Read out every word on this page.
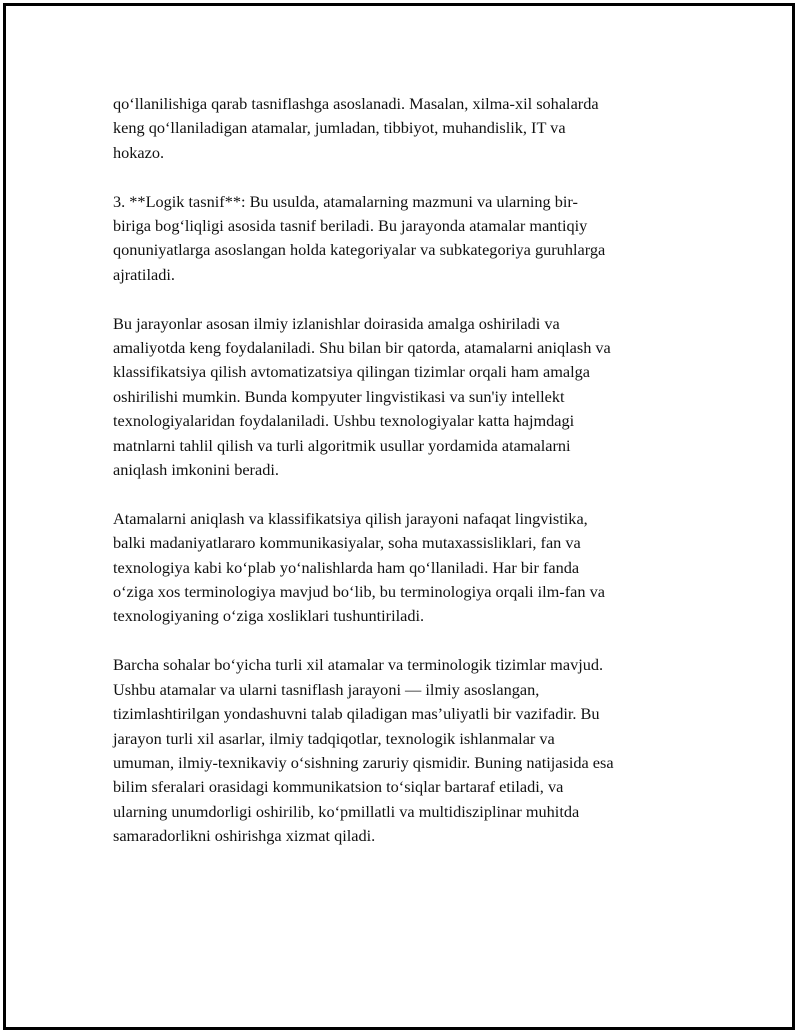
qo‘llanilishiga qarab tasniflashga asoslanadi. Masalan, xilma-xil sohalarda
keng qo‘llaniladigan atamalar, jumladan, tibbiyot, muhandislik, IT va
hokazo.

3. **Logik tasnif**: Bu usulda, atamalarning mazmuni va ularning bir-
biriga bog‘liqligi asosida tasnif beriladi. Bu jarayonda atamalar mantiqiy
qonuniyatlarga asoslangan holda kategoriyalar va subkategoriya guruhlarga
ajratiladi.

Bu jarayonlar asosan ilmiy izlanishlar doirasida amalga oshiriladi va
amaliyotda keng foydalaniladi. Shu bilan bir qatorda, atamalarni aniqlash va
klassifikatsiya qilish avtomatizatsiya qilingan tizimlar orqali ham amalga
oshirilishi mumkin. Bunda kompyuter lingvistikasi va sun'iy intellekt
texnologiyalaridan foydalaniladi. Ushbu texnologiyalar katta hajmdagi
matnlarni tahlil qilish va turli algoritmik usullar yordamida atamalarni
aniqlash imkonini beradi.

Atamalarni aniqlash va klassifikatsiya qilish jarayoni nafaqat lingvistika,
balki madaniyatlararo kommunikasiyalar, soha mutaxassisliklari, fan va
texnologiya kabi ko‘plab yo‘nalishlarda ham qo‘llaniladi. Har bir fanda
o‘ziga xos terminologiya mavjud bo‘lib, bu terminologiya orqali ilm-fan va
texnologiyaning o‘ziga xosliklari tushuntiriladi.

Barcha sohalar bo‘yicha turli xil atamalar va terminologik tizimlar mavjud.
Ushbu atamalar va ularni tasniflash jarayoni — ilmiy asoslangan,
tizimlashtirilgan yondashuvni talab qiladigan mas’uliyatli bir vazifadir. Bu
jarayon turli xil asarlar, ilmiy tadqiqotlar, texnologik ishlanmalar va
umuman, ilmiy-texnikaviy o‘sishning zaruriy qismidir. Buning natijasida esa
bilim sferalari orasidagi kommunikatsion to‘siqlar bartaraf etiladi, va
ularning unumdorligi oshirilib, ko‘pmillatli va multidisziplinar muhitda
samaradorlikni oshirishga xizmat qiladi.
